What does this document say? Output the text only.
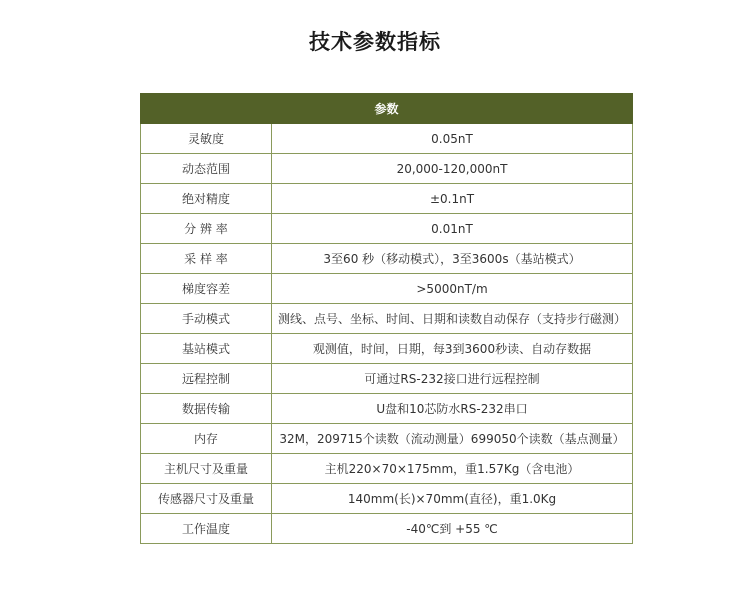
技术参数指标
参数	
灵敏度	0.05nT
动态范围	20,000-120,000nT
绝对精度	±0.1nT
分 辨 率	0.01nT
采 样 率	3至60 秒（移动模式），3至3600s（基站模式）
梯度容差	>5000nT/m
手动模式	测线、点号、坐标、时间、日期和读数自动保存（支持步行磁测）
基站模式	观测值，时间，日期，每3到3600秒读、自动存数据
远程控制	可通过RS-232接口进行远程控制
数据传输	U盘和10芯防水RS-232串口
内存	32M，209715个读数（流动测量）699050个读数（基点测量）
主机尺寸及重量	主机220×70×175mm，重1.57Kg（含电池）
传感器尺寸及重量	140mm(长)×70mm(直径)，重1.0Kg
工作温度	-40℃到 +55 ℃
